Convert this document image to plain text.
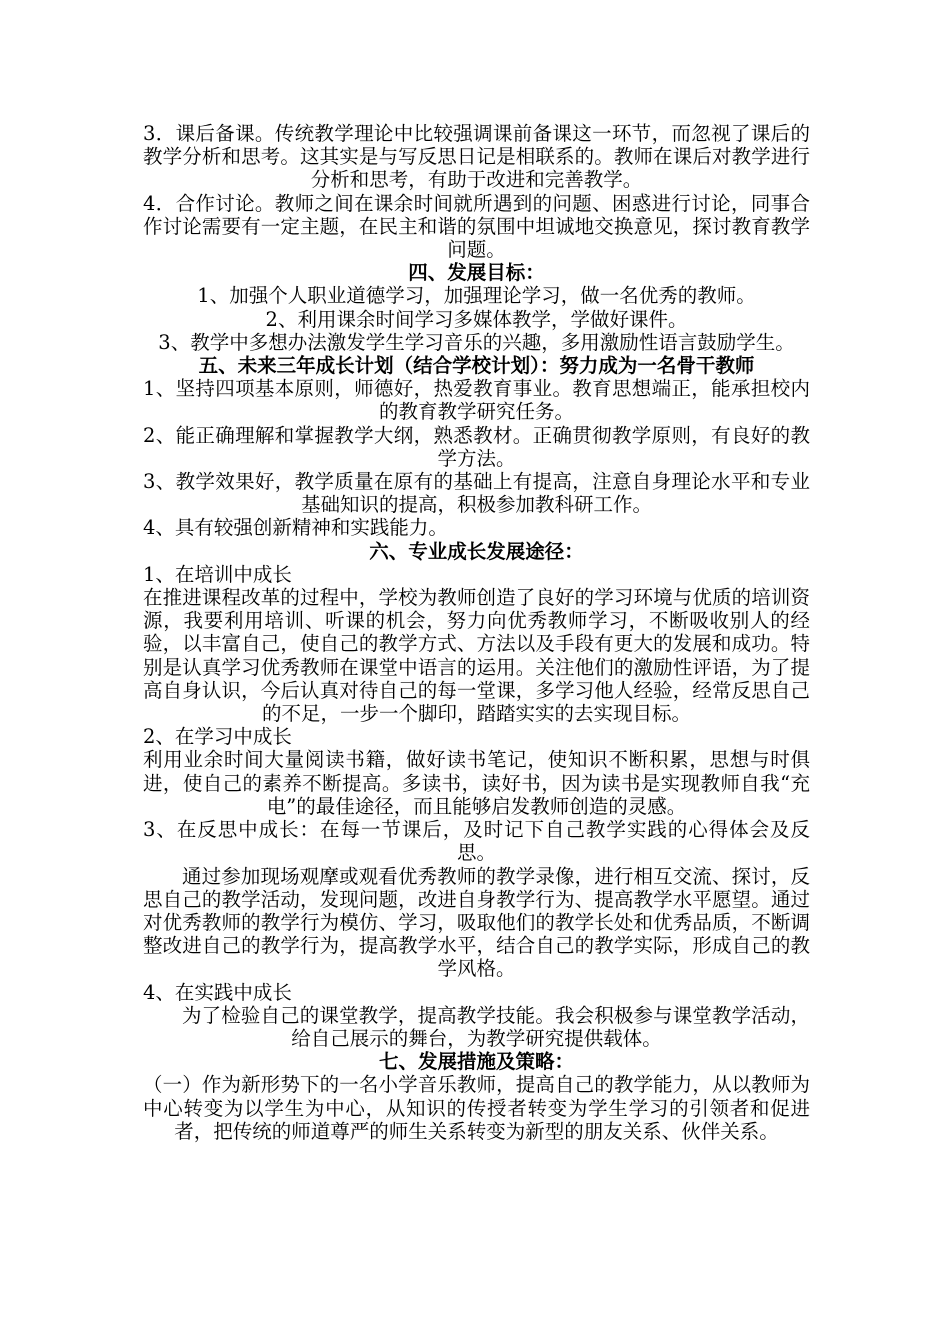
3．课后备课。传统教学理论中比较强调课前备课这一环节，而忽视了课后的教学分析和思考。这其实是与写反思日记是相联系的。教师在课后对教学进行分析和思考，有助于改进和完善教学。

4．合作讨论。教师之间在课余时间就所遇到的问题、困惑进行讨论，同事合作讨论需要有一定主题，在民主和谐的氛围中坦诚地交换意见，探讨教育教学问题。

四、发展目标：

1、加强个人职业道德学习，加强理论学习，做一名优秀的教师。

2、利用课余时间学习多媒体教学，学做好课件。

3、教学中多想办法激发学生学习音乐的兴趣，多用激励性语言鼓励学生。

五、未来三年成长计划（结合学校计划）：努力成为一名骨干教师

1、坚持四项基本原则，师德好，热爱教育事业。教育思想端正，能承担校内的教育教学研究任务。

2、能正确理解和掌握教学大纲，熟悉教材。正确贯彻教学原则，有良好的教学方法。

3、教学效果好，教学质量在原有的基础上有提高，注意自身理论水平和专业基础知识的提高，积极参加教科研工作。

4、具有较强创新精神和实践能力。

六、专业成长发展途径：

1、在培训中成长

在推进课程改革的过程中，学校为教师创造了良好的学习环境与优质的培训资源，我要利用培训、听课的机会，努力向优秀教师学习，不断吸收别人的经验，以丰富自己，使自己的教学方式、方法以及手段有更大的发展和成功。特别是认真学习优秀教师在课堂中语言的运用。关注他们的激励性评语，为了提高自身认识，今后认真对待自己的每一堂课，多学习他人经验，经常反思自己的不足，一步一个脚印，踏踏实实的去实现目标。

2、在学习中成长

利用业余时间大量阅读书籍，做好读书笔记，使知识不断积累，思想与时俱进，使自己的素养不断提高。多读书，读好书，因为读书是实现教师自我“充电”的最佳途径，而且能够启发教师创造的灵感。

3、在反思中成长：在每一节课后，及时记下自己教学实践的心得体会及反思。

通过参加现场观摩或观看优秀教师的教学录像，进行相互交流、探讨，反思自己的教学活动，发现问题，改进自身教学行为、提高教学水平愿望。通过对优秀教师的教学行为模仿、学习，吸取他们的教学长处和优秀品质，不断调整改进自己的教学行为，提高教学水平，结合自己的教学实际，形成自己的教学风格。

4、在实践中成长

为了检验自己的课堂教学，提高教学技能。我会积极参与课堂教学活动，给自己展示的舞台，为教学研究提供载体。

七、发展措施及策略：

（一）作为新形势下的一名小学音乐教师，提高自己的教学能力，从以教师为中心转变为以学生为中心，从知识的传授者转变为学生学习的引领者和促进者，把传统的师道尊严的师生关系转变为新型的朋友关系、伙伴关系。
